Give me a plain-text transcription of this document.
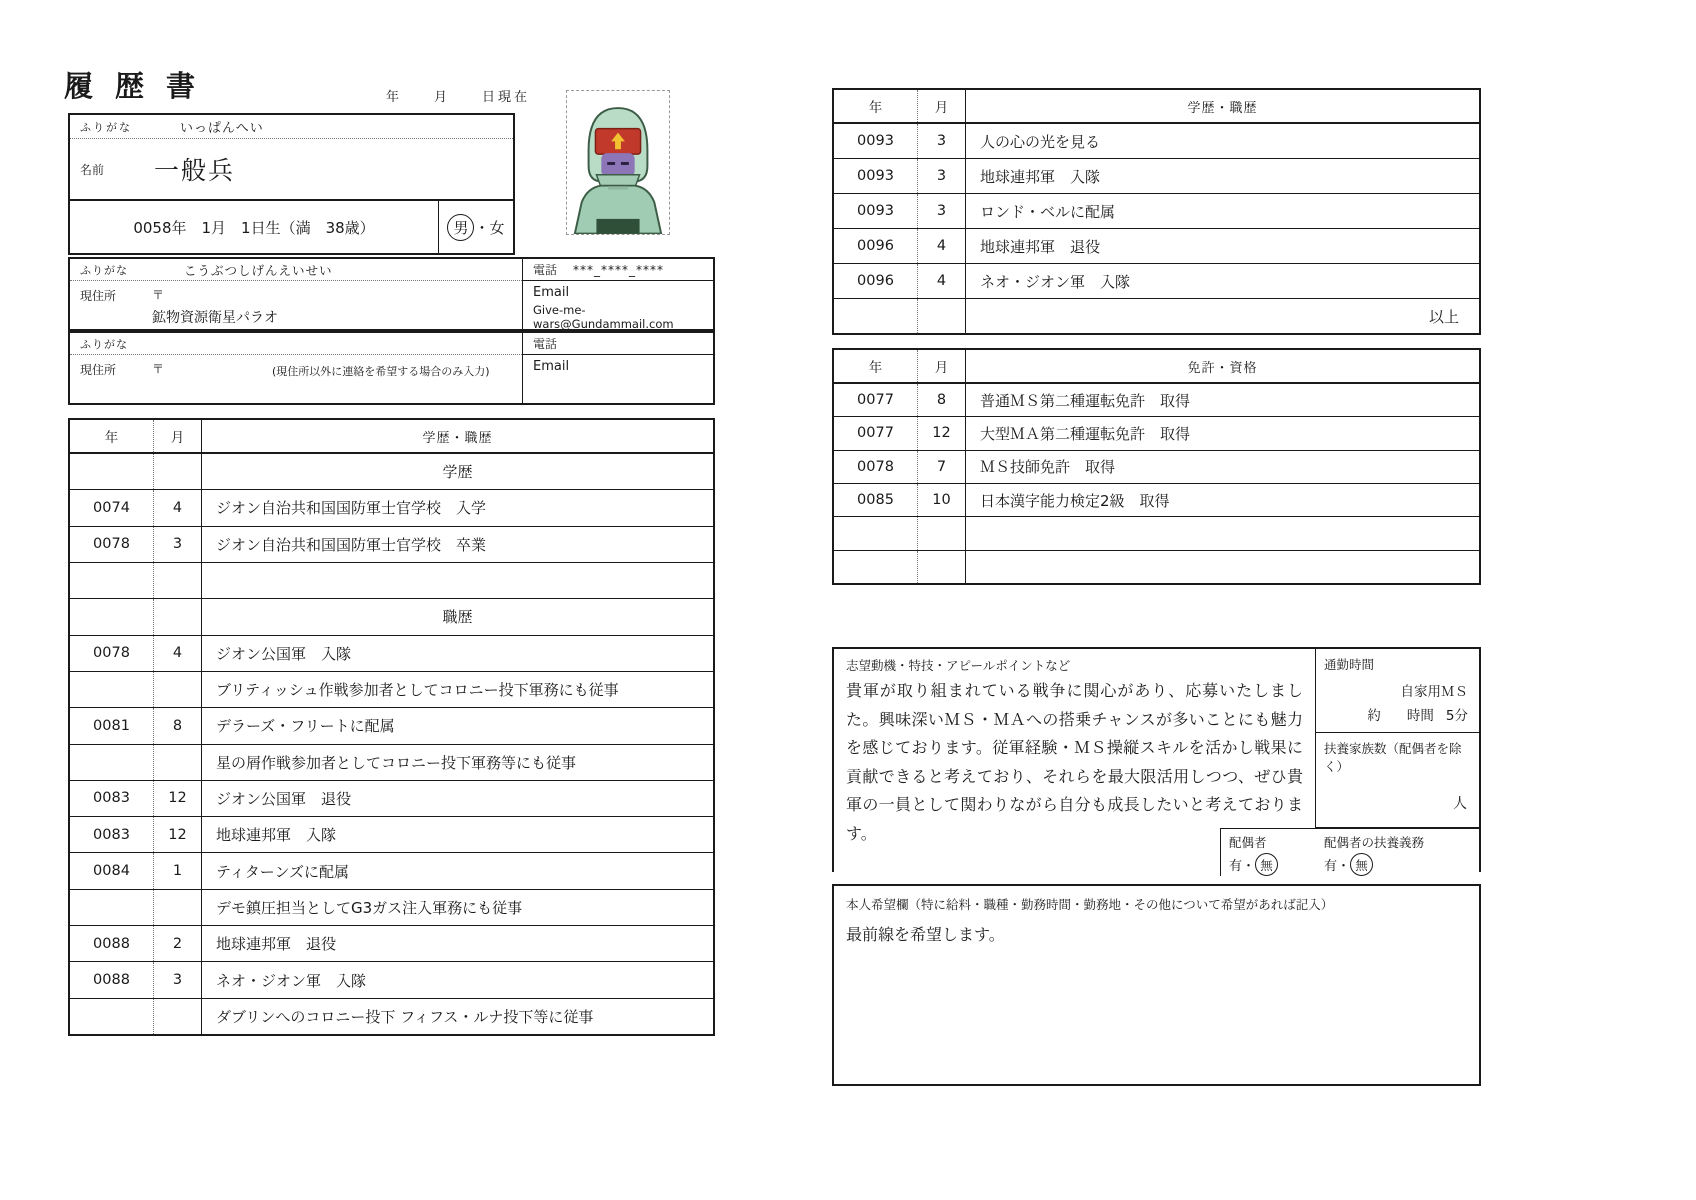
履歴書	年　　月　　日現在
ふりがな	いっぱんへい
名前 一般兵
0058年　1月　1日生（満　38歳）	男 ・ 女
ふりがな	こうぶつしげんえいせい
現住所	〒
鉱物資源衛星パラオ
電話 ***_****_****
Email
Give-me-wars@Gundammail.com
ふりがな
現住所	〒	(現住所以外に連絡を希望する場合のみ入力)
電話
Email
年	月	学歴・職歴
学歴
0074	4	ジオン自治共和国国防軍士官学校　入学
0078	3	ジオン自治共和国国防軍士官学校　卒業
職歴
0078	4	ジオン公国軍　入隊
ブリティッシュ作戦参加者としてコロニー投下軍務にも従事
0081	8	デラーズ・フリートに配属
星の屑作戦参加者としてコロニー投下軍務等にも従事
0083	12	ジオン公国軍　退役
0083	12	地球連邦軍　入隊
0084	1	ティターンズに配属
デモ鎮圧担当としてG3ガス注入軍務にも従事
0088	2	地球連邦軍　退役
0088	3	ネオ・ジオン軍　入隊
ダブリンへのコロニー投下 フィフス・ルナ投下等に従事
年	月	学歴・職歴
0093	3	人の心の光を見る
0093	3	地球連邦軍　入隊
0093	3	ロンド・ベルに配属
0096	4	地球連邦軍　退役
0096	4	ネオ・ジオン軍　入隊
以上
年	月	免許・資格
0077	8	普通ＭＳ第二種運転免許　取得
0077	12	大型ＭＡ第二種運転免許　取得
0078	7	ＭＳ技師免許　取得
0085	10	日本漢字能力検定2級　取得
志望動機・特技・アピールポイントなど
貴軍が取り組まれている戦争に関心があり、応募いたしました。興味深いＭＳ・ＭＡへの搭乗チャンスが多いことにも魅力を感じております。従軍経験・ＭＳ操縦スキルを活かし戦果に貢献できると考えており、それらを最大限活用しつつ、ぜひ貴軍の一員として関わりながら自分も成長したいと考えております。
通勤時間
自家用ＭＳ
約 時間 5分
扶養家族数（配偶者を除く）
人
配偶者
有 ・ 無
配偶者の扶養義務
有 ・ 無
本人希望欄（特に給料・職種・勤務時間・勤務地・その他について希望があれば記入）
最前線を希望します。
